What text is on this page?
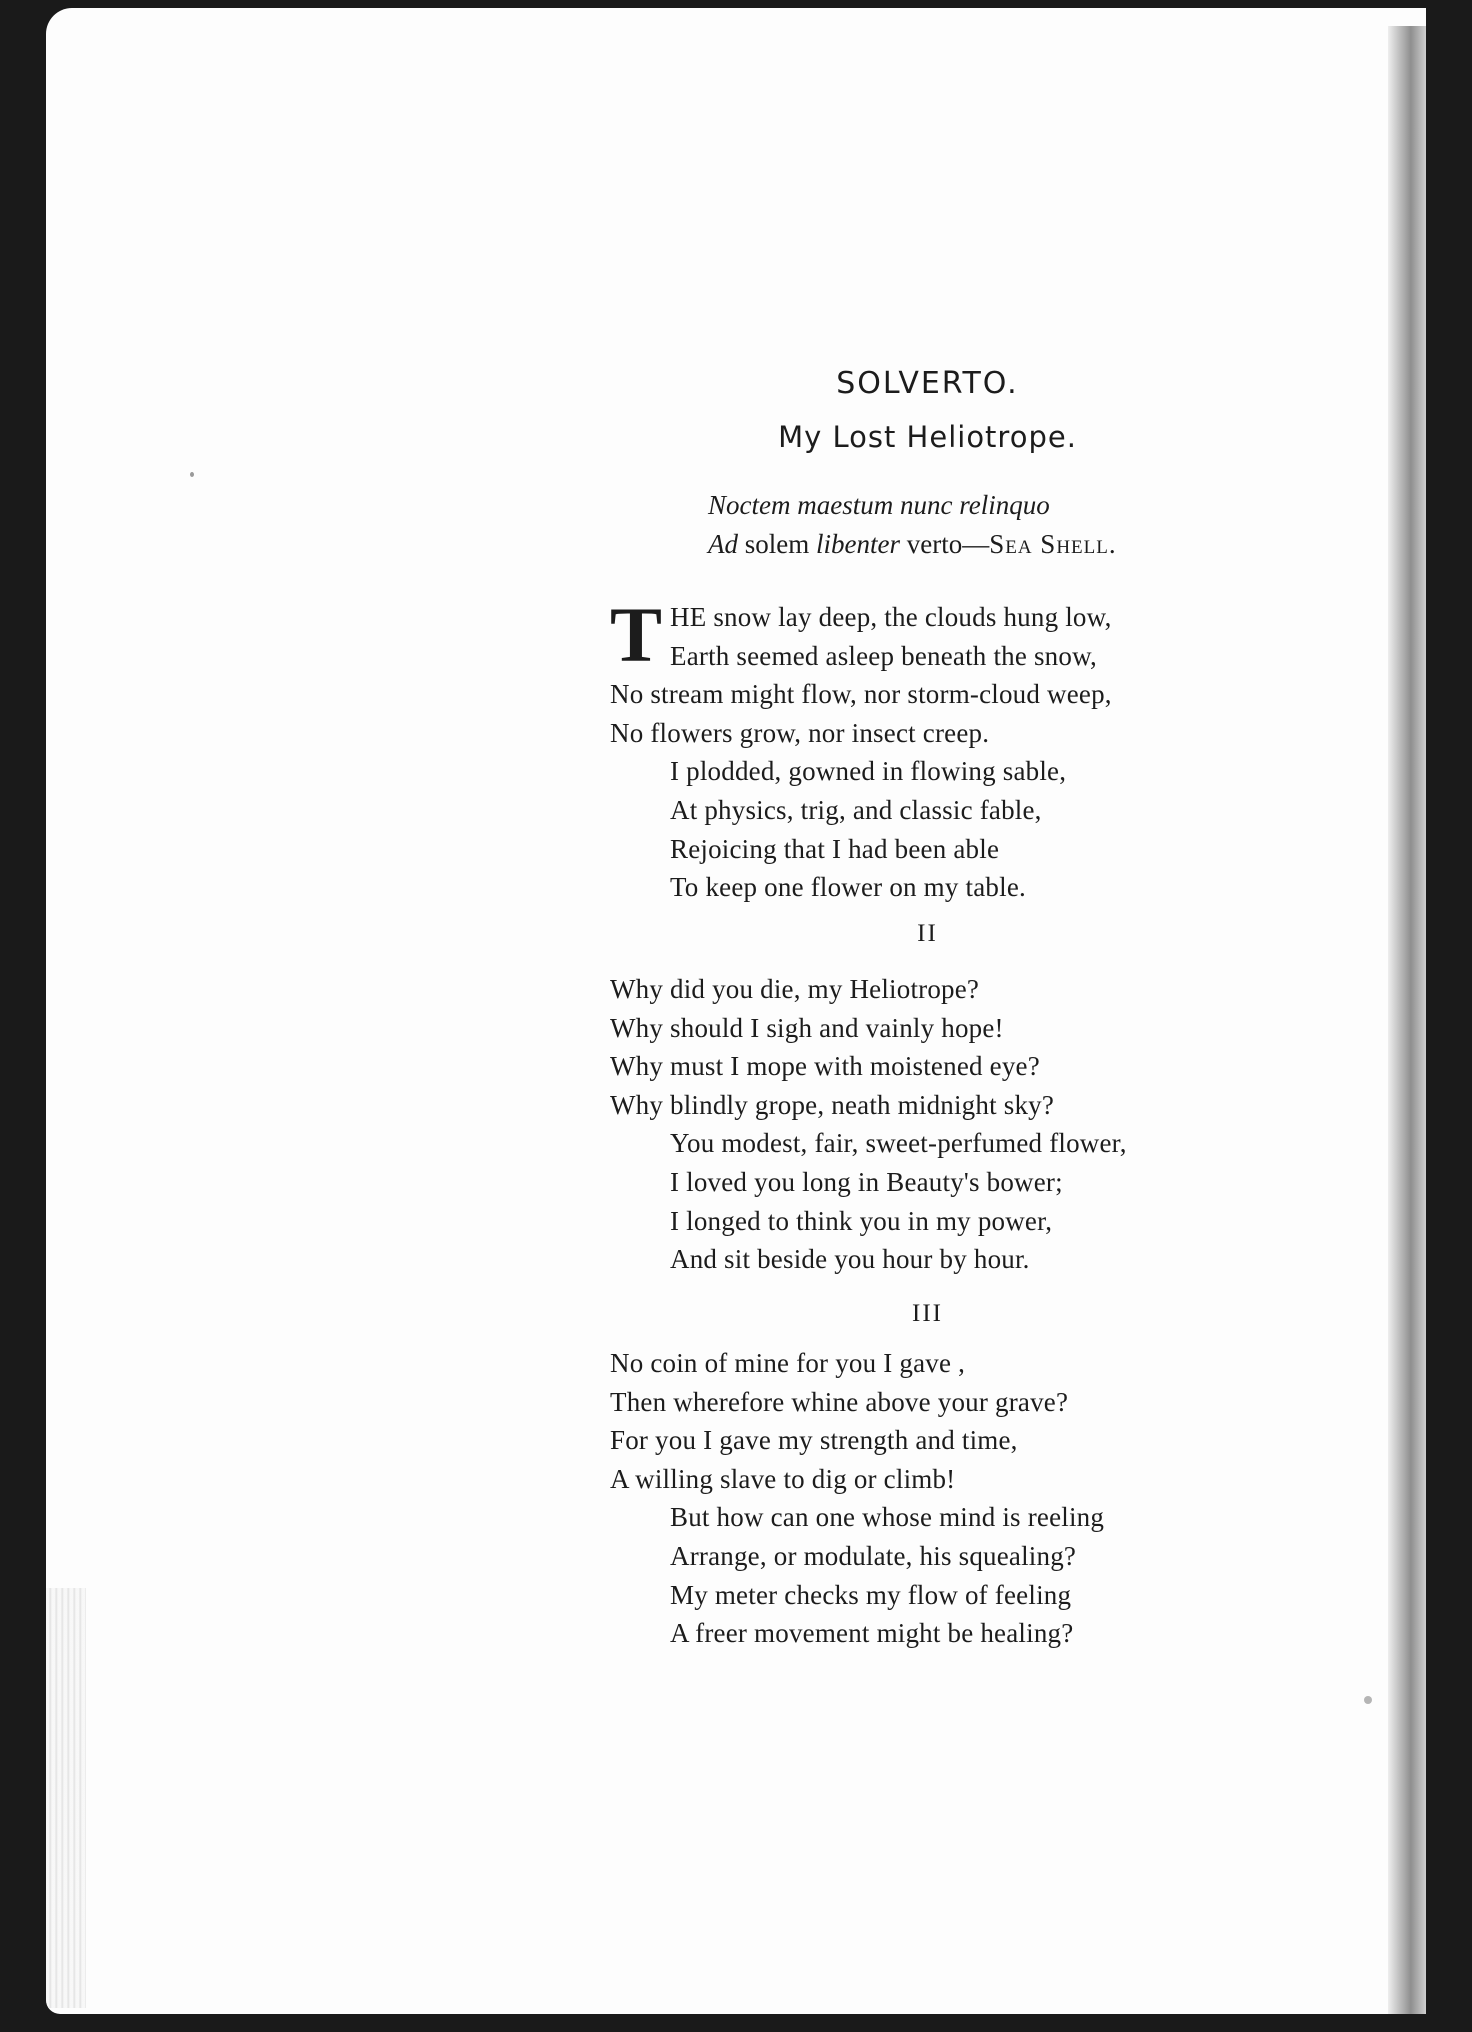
SOLVERTO.
My Lost Heliotrope.
Noctem maestum nunc relinquo
Ad solem libenter verto—Sea Shell.
T HE snow lay deep, the clouds hung low,
Earth seemed asleep beneath the snow,
No stream might flow, nor storm-cloud weep,
No flowers grow, nor insect creep.
I plodded, gowned in flowing sable,
At physics, trig, and classic fable,
Rejoicing that I had been able
To keep one flower on my table.
II
Why did you die, my Heliotrope?
Why should I sigh and vainly hope!
Why must I mope with moistened eye?
Why blindly grope, neath midnight sky?
You modest, fair, sweet-perfumed flower,
I loved you long in Beauty's bower;
I longed to think you in my power,
And sit beside you hour by hour.
III
No coin of mine for you I gave ,
Then wherefore whine above your grave?
For you I gave my strength and time,
A willing slave to dig or climb!
But how can one whose mind is reeling
Arrange, or modulate, his squealing?
My meter checks my flow of feeling
A freer movement might be healing?
